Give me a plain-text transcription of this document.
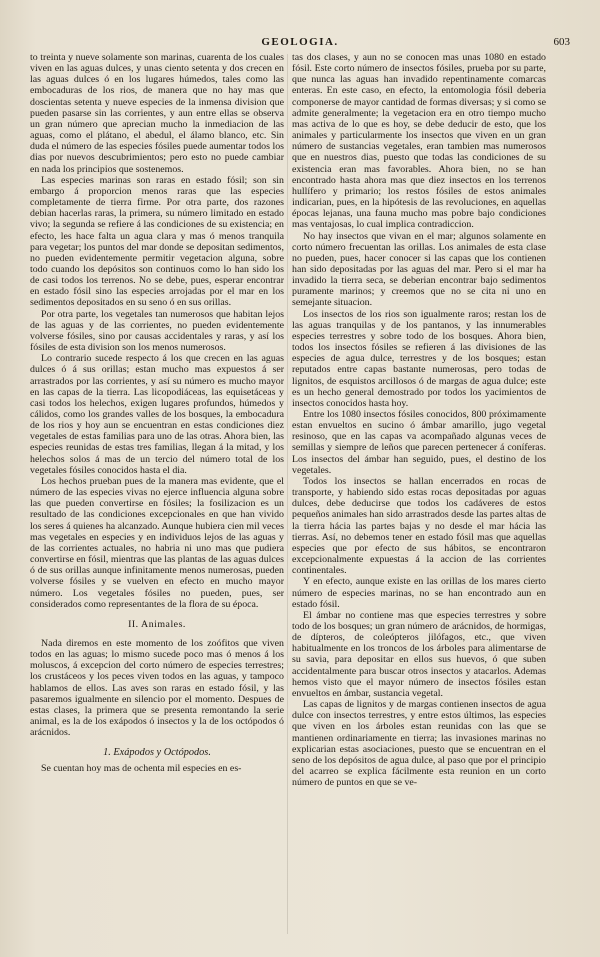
GEOLOGIA.	603

to treinta y nueve solamente son marinas, cuarenta de los cuales viven en las aguas dulces, y unas ciento setenta y dos crecen en las aguas dulces ó en los lugares húmedos, tales como las embocaduras de los rios, de manera que no hay mas que doscientas setenta y nueve especies de la inmensa division que pueden pasarse sin las corrientes, y aun entre ellas se observa un gran número que aprecian mucho la inmediacion de las aguas, como el plátano, el abedul, el álamo blanco, etc. Sin duda el número de las especies fósiles puede aumentar todos los dias por nuevos descubrimientos; pero esto no puede cambiar en nada los principios que sostenemos.

Las especies marinas son raras en estado fósil; son sin embargo á proporcion menos raras que las especies completamente de tierra firme. Por otra parte, dos razones debian hacerlas raras, la primera, su número limitado en estado vivo; la segunda se refiere á las condiciones de su existencia; en efecto, les hace falta un agua clara y mas ó menos tranquila para vegetar; los puntos del mar donde se depositan sedimentos, no pueden evidentemente permitir vegetacion alguna, sobre todo cuando los depósitos son continuos como lo han sido los de casi todos los terrenos. No se debe, pues, esperar encontrar en estado fósil sino las especies arrojadas por el mar en los sedimentos depositados en su seno ó en sus orillas.

Por otra parte, los vegetales tan numerosos que habitan lejos de las aguas y de las corrientes, no pueden evidentemente volverse fósiles, sino por causas accidentales y raras, y así los fósiles de esta division son los menos numerosos.

Lo contrario sucede respecto á los que crecen en las aguas dulces ó á sus orillas; estan mucho mas expuestos á ser arrastrados por las corrientes, y así su número es mucho mayor en las capas de la tierra. Las licopodiáceas, las equisetáceas y casi todos los helechos, exigen lugares profundos, húmedos y cálidos, como los grandes valles de los bosques, la embocadura de los rios y hoy aun se encuentran en estas condiciones diez vegetales de estas familias para uno de las otras. Ahora bien, las especies reunidas de estas tres familias, llegan á la mitad, y los helechos solos á mas de un tercio del número total de los vegetales fósiles conocidos hasta el dia.

Los hechos prueban pues de la manera mas evidente, que el número de las especies vivas no ejerce influencia alguna sobre las que pueden convertirse en fósiles; la fosilizacion es un resultado de las condiciones excepcionales en que han vivido los seres á quienes ha alcanzado. Aunque hubiera cien mil veces mas vegetales en especies y en individuos lejos de las aguas y de las corrientes actuales, no habria ni uno mas que pudiera convertirse en fósil, mientras que las plantas de las aguas dulces ó de sus orillas aunque infinitamente menos numerosas, pueden volverse fósiles y se vuelven en efecto en mucho mayor número. Los vegetales fósiles no pueden, pues, ser considerados como representantes de la flora de su época.

II. Animales.

Nada diremos en este momento de los zoófitos que viven todos en las aguas; lo mismo sucede poco mas ó menos á los moluscos, á excepcion del corto número de especies terrestres; los crustáceos y los peces viven todos en las aguas, y tampoco hablamos de ellos. Las aves son raras en estado fósil, y las pasaremos igualmente en silencio por el momento. Despues de estas clases, la primera que se presenta remontando la serie animal, es la de los exápodos ó insectos y la de los octópodos ó arácnidos.

1. Exápodos y Octópodos.

Se cuentan hoy mas de ochenta mil especies en es-

tas dos clases, y aun no se conocen mas unas 1080 en estado fósil. Este corto número de insectos fósiles, prueba por su parte, que nunca las aguas han invadido repentinamente comarcas enteras. En este caso, en efecto, la entomologia fósil deberia componerse de mayor cantidad de formas diversas; y si como se admite generalmente; la vegetacion era en otro tiempo mucho mas activa de lo que es hoy, se debe deducir de esto, que los animales y particularmente los insectos que viven en un gran número de sustancias vegetales, eran tambien mas numerosos que en nuestros dias, puesto que todas las condiciones de su existencia eran mas favorables. Ahora bien, no se han encontrado hasta ahora mas que diez insectos en los terrenos hullífero y primario; los restos fósiles de estos animales indicarian, pues, en la hipótesis de las revoluciones, en aquellas épocas lejanas, una fauna mucho mas pobre bajo condiciones mas ventajosas, lo cual implica contradiccion.

No hay insectos que vivan en el mar; algunos solamente en corto número frecuentan las orillas. Los animales de esta clase no pueden, pues, hacer conocer si las capas que los contienen han sido depositadas por las aguas del mar. Pero si el mar ha invadido la tierra seca, se deberian encontrar bajo sedimentos puramente marinos; y creemos que no se cita ni uno en semejante situacion.

Los insectos de los rios son igualmente raros; restan los de las aguas tranquilas y de los pantanos, y las innumerables especies terrestres y sobre todo de los bosques. Ahora bien, todos los insectos fósiles se refieren á las divisiones de las especies de agua dulce, terrestres y de los bosques; estan reputados entre capas bastante numerosas, pero todas de lignitos, de esquistos arcillosos ó de margas de agua dulce; este es un hecho general demostrado por todos los yacimientos de insectos conocidos hasta hoy.

Entre los 1080 insectos fósiles conocidos, 800 próximamente estan envueltos en sucino ó ámbar amarillo, jugo vegetal resinoso, que en las capas va acompañado algunas veces de semillas y siempre de leños que parecen pertenecer á coníferas. Los insectos del ámbar han seguido, pues, el destino de los vegetales.

Todos los insectos se hallan encerrados en rocas de transporte, y habiendo sido estas rocas depositadas por aguas dulces, debe deducirse que todos los cadáveres de estos pequeños animales han sido arrastrados desde las partes altas de la tierra hácia las partes bajas y no desde el mar hácia las tierras. Así, no debemos tener en estado fósil mas que aquellas especies que por efecto de sus hábitos, se encontraron excepcionalmente expuestas á la accion de las corrientes continentales.

Y en efecto, aunque existe en las orillas de los mares cierto número de especies marinas, no se han encontrado aun en estado fósil.

El ámbar no contiene mas que especies terrestres y sobre todo de los bosques; un gran número de arácnidos, de hormigas, de dípteros, de coleópteros jilófagos, etc., que viven habitualmente en los troncos de los árboles para alimentarse de su savia, para depositar en ellos sus huevos, ó que suben accidentalmente para buscar otros insectos y atacarlos. Ademas hemos visto que el mayor número de insectos fósiles estan envueltos en ámbar, sustancia vegetal.

Las capas de lignitos y de margas contienen insectos de agua dulce con insectos terrestres, y entre estos últimos, las especies que viven en los árboles estan reunidas con las que se mantienen ordinariamente en tierra; las invasiones marinas no explicarian estas asociaciones, puesto que se encuentran en el seno de los depósitos de agua dulce, al paso que por el principio del acarreo se explica fácilmente esta reunion en un corto número de puntos en que se ve-
